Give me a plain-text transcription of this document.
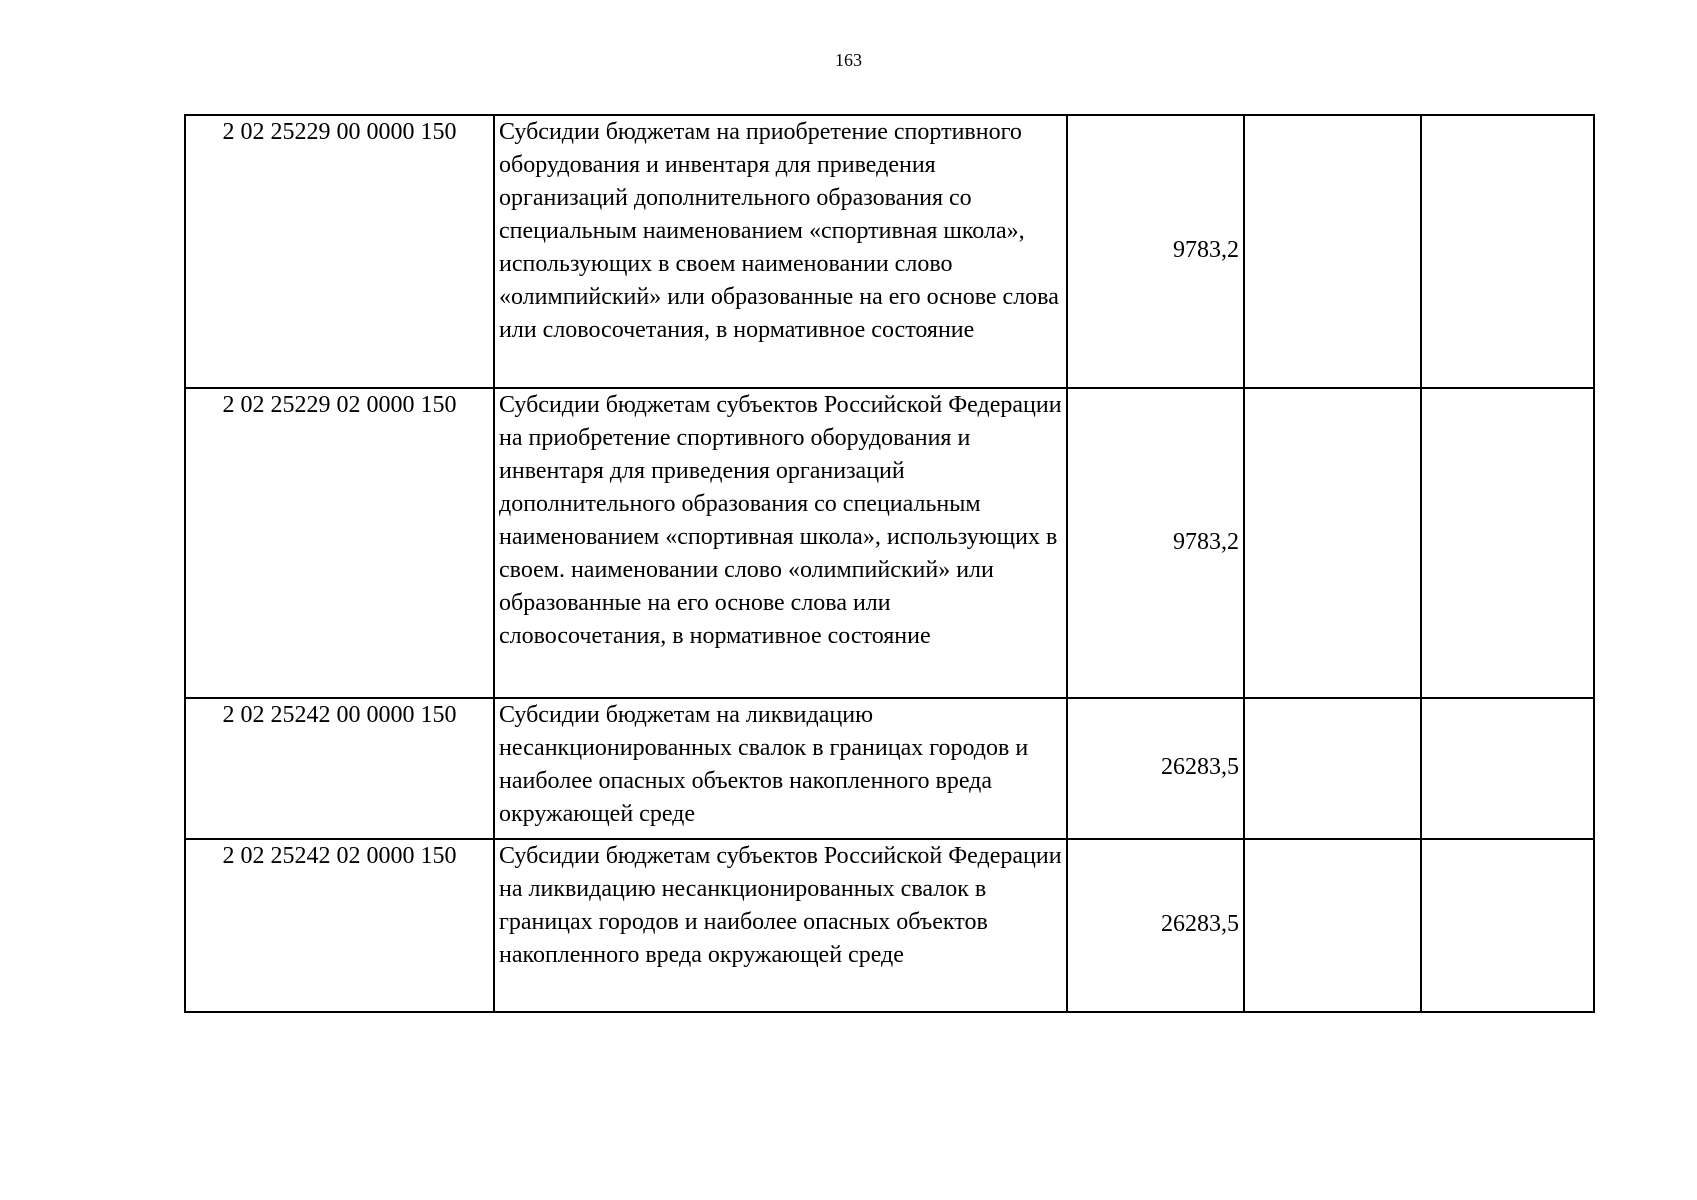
163
2 02 25229 00 0000 150	Субсидии бюджетам на приобретение спортивного оборудования и инвентаря для приведения организаций дополнительного образования со специальным наименованием «спортивная школа», использующих в своем наименовании слово «олимпийский» или образованные на его основе слова или словосочетания, в нормативное состояние	9783,2		
2 02 25229 02 0000 150	Субсидии бюджетам субъектов Российской Федерации на приобретение спортивного оборудования и инвентаря для приведения организаций дополнительного образования со специальным наименованием «спортивная школа», использующих в своем. наименовании слово «олимпийский» или образованные на его основе слова или словосочетания, в нормативное состояние	9783,2		
2 02 25242 00 0000 150	Субсидии бюджетам на ликвидацию несанкционированных свалок в границах городов и наиболее опасных объектов накопленного вреда окружающей среде	26283,5		
2 02 25242 02 0000 150	Субсидии бюджетам субъектов Российской Федерации на ликвидацию несанкционированных свалок в границах городов и наиболее опасных объектов накопленного вреда окружающей среде	26283,5		
